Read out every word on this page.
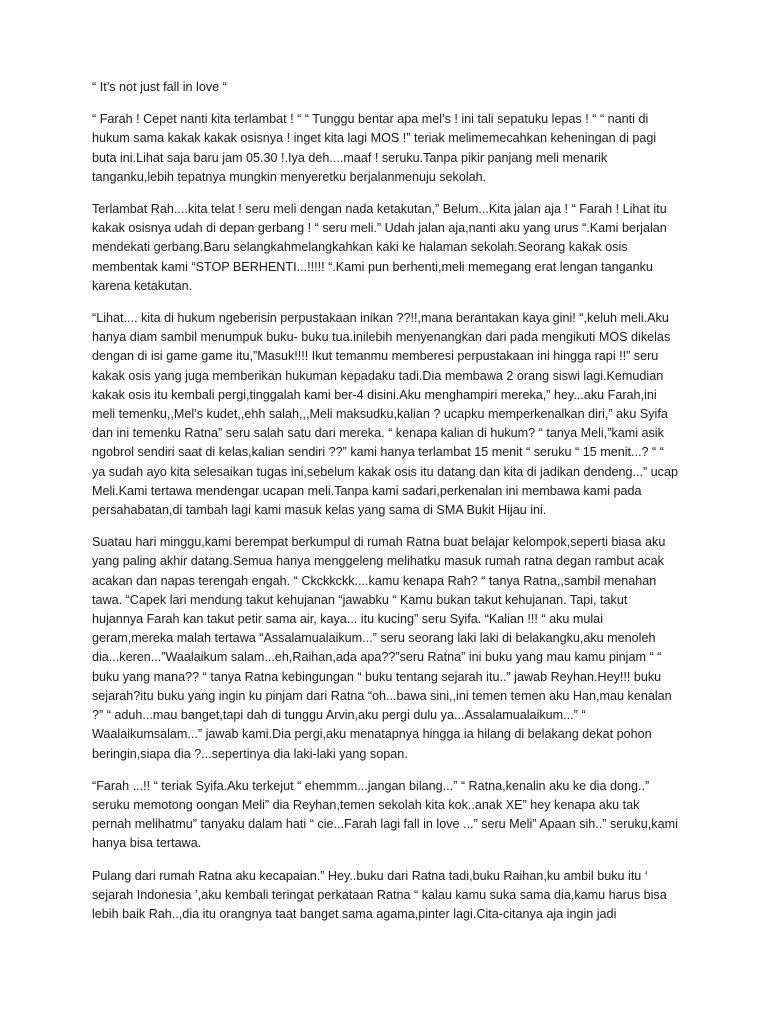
“ It’s not just fall in love “

“ Farah ! Cepet nanti kita terlambat ! “ “ Tunggu bentar apa mel’s ! ini tali sepatuku lepas ! “ “ nanti di hukum sama kakak kakak osisnya ! inget kita lagi MOS !” teriak melimemecahkan keheningan di pagi buta ini.Lihat saja baru jam 05.30 !.Iya deh....maaf ! seruku.Tanpa pikir panjang meli menarik tanganku,lebih tepatnya mungkin menyeretku berjalanmenuju sekolah.

Terlambat Rah....kita telat ! seru meli dengan nada ketakutan,” Belum...Kita jalan aja ! “ Farah ! Lihat itu kakak osisnya udah di depan gerbang ! “ seru meli.” Udah jalan aja,nanti aku yang urus “.Kami berjalan mendekati gerbang.Baru selangkahmelangkahkan kaki ke halaman sekolah.Seorang kakak osis membentak kami “STOP BERHENTI...!!!!! “.Kami pun berhenti,meli memegang erat lengan tanganku karena ketakutan.

“Lihat.... kita di hukum ngeberisin perpustakaan inikan ??!!,mana berantakan kaya gini! “,keluh meli.Aku hanya diam sambil menumpuk buku- buku tua.inilebih menyenangkan dari pada mengikuti MOS dikelas dengan di isi game game itu,”Masuk!!!! Ikut temanmu memberesi perpustakaan ini hingga rapi !!” seru kakak osis yang juga memberikan hukuman kepadaku tadi.Dia membawa 2 orang siswi lagi.Kemudian kakak osis itu kembali pergi,tinggalah kami ber-4 disini.Aku menghampiri mereka,” hey...aku Farah,ini meli temenku,,Mel’s kudet,,ehh salah,,,Meli maksudku,kalian ? ucapku memperkenalkan diri,” aku Syifa dan ini temenku Ratna” seru salah satu dari mereka. “ kenapa kalian di hukum? “ tanya Meli,”kami asik ngobrol sendiri saat di kelas,kalian sendiri ??” kami hanya terlambat 15 menit “ seruku “ 15 menit...? “ “ ya sudah ayo kita selesaikan tugas ini,sebelum kakak osis itu datang dan kita di jadikan dendeng...” ucap Meli.Kami tertawa mendengar ucapan meli.Tanpa kami sadari,perkenalan ini membawa kami pada persahabatan,di tambah lagi kami masuk kelas yang sama di SMA Bukit Hijau ini.

Suatau hari minggu,kami berempat berkumpul di rumah Ratna buat belajar kelompok,seperti biasa aku yang paling akhir datang.Semua hanya menggeleng melihatku masuk rumah ratna degan rambut acak acakan dan napas terengah engah. “ Ckckkckk....kamu kenapa Rah? “ tanya Ratna,,sambil menahan tawa. “Capek lari mendung takut kehujanan “jawabku “ Kamu bukan takut kehujanan. Tapi, takut hujannya Farah kan takut petir sama air, kaya... itu kucing” seru Syifa. “Kalian !!! “ aku mulai geram,mereka malah tertawa “Assalamualaikum...” seru seorang laki laki di belakangku,aku menoleh dia...keren...”Waalaikum salam...eh,Raihan,ada apa??”seru Ratna” ini buku yang mau kamu pinjam “ “ buku yang mana?? “ tanya Ratna kebingungan “ buku tentang sejarah itu..” jawab Reyhan.Hey!!! buku sejarah?itu buku yang ingin ku pinjam dari Ratna “oh...bawa sini,,ini temen temen aku Han,mau kenalan ?” “ aduh...mau banget,tapi dah di tunggu Arvin,aku pergi dulu ya...Assalamualaikum...” “ Waalaikumsalam...” jawab kami.Dia pergi,aku menatapnya hingga ia hilang di belakang dekat pohon beringin,siapa dia ?...sepertinya dia laki-laki yang sopan.

“Farah ...!! “ teriak Syifa.Aku terkejut “ ehemmm...jangan bilang...” “ Ratna,kenalin aku ke dia dong..” seruku memotong oongan Meli” dia Reyhan,temen sekolah kita kok..anak XE” hey kenapa aku tak pernah melihatmu” tanyaku dalam hati “ cie...Farah lagi fall in love ...” seru Meli” Apaan sih..” seruku,kami hanya bisa tertawa.

Pulang dari rumah Ratna aku kecapaian.” Hey..buku dari Ratna tadi,buku Raihan,ku ambil buku itu ‘ sejarah Indonesia ’,aku kembali teringat perkataan Ratna “ kalau kamu suka sama dia,kamu harus bisa lebih baik Rah..,dia itu orangnya taat banget sama agama,pinter lagi.Cita-citanya aja ingin jadi
